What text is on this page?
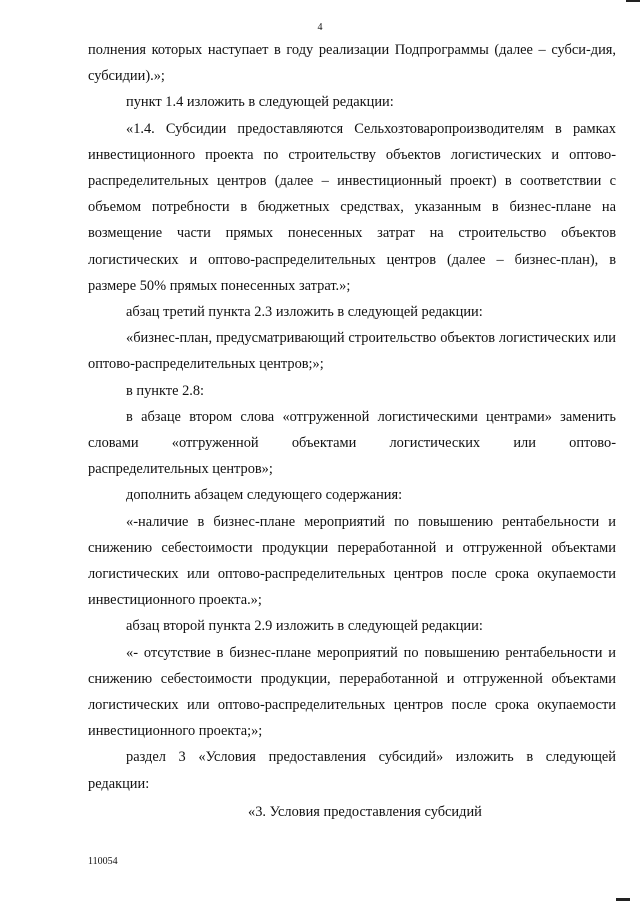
4

полнения которых наступает в году реализации Подпрограммы (далее – субси-дия, субсидии).»;

пункт 1.4 изложить в следующей редакции:

«1.4. Субсидии предоставляются Сельхозтоваропроизводителям в рамках инвестиционного проекта по строительству объектов логистических и оптово-распределительных центров (далее – инвестиционный проект) в соответствии с объемом потребности в бюджетных средствах, указанным в бизнес-плане на возмещение части прямых понесенных затрат на строительство объектов логистических и оптово-распределительных центров (далее – бизнес-план), в размере 50% прямых понесенных затрат.»;

абзац третий пункта 2.3 изложить в следующей редакции:

«бизнес-план, предусматривающий строительство объектов логистических или оптово-распределительных центров;»;

в пункте 2.8:

в абзаце втором слова «отгруженной логистическими центрами» заменить

словами «отгруженной объектами логистических или оптово-

распределительных центров»;

дополнить абзацем следующего содержания:

«-наличие в бизнес-плане мероприятий по повышению рентабельности и снижению себестоимости продукции переработанной и отгруженной объектами логистических или оптово-распределительных центров после срока окупаемости инвестиционного проекта.»;

абзац второй пункта 2.9 изложить в следующей редакции:

«- отсутствие в бизнес-плане мероприятий по повышению рентабельности и снижению себестоимости продукции, переработанной и отгруженной объектами логистических или оптово-распределительных центров после срока окупаемости инвестиционного проекта;»;

раздел 3 «Условия предоставления субсидий» изложить в следующей редакции:

«3. Условия предоставления субсидий

110054
